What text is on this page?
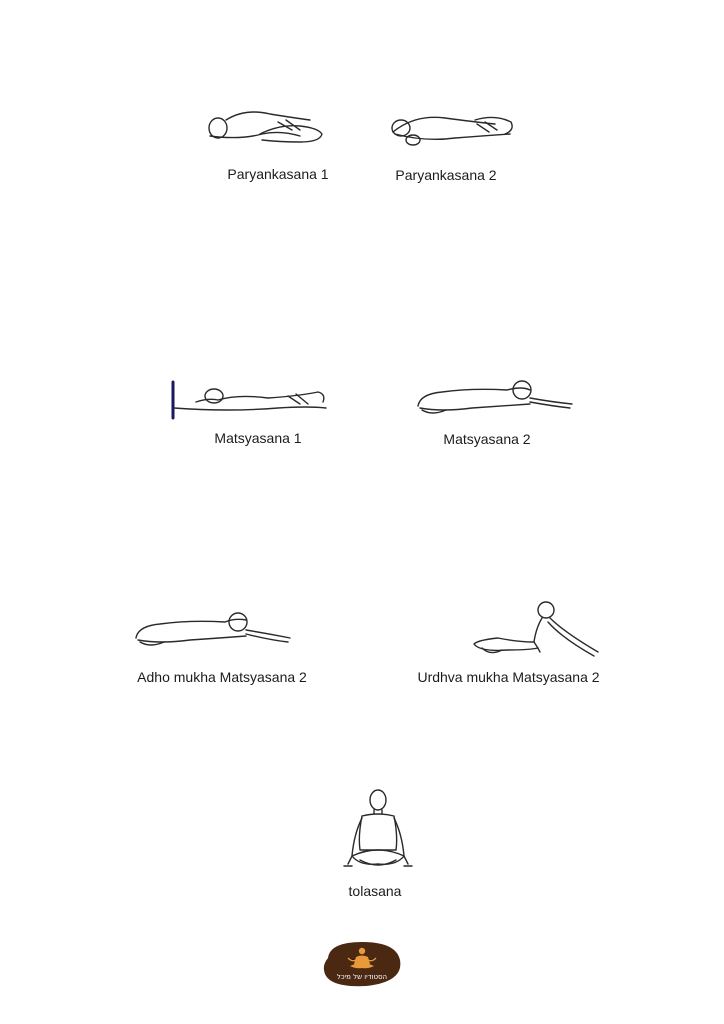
Paryankasana 1	Paryankasana 2
Matsyasana 1	Matsyasana 2
Adho mukha Matsyasana 2	Urdhva mukha Matsyasana 2
tolasana
הסטודיו של מיכל
